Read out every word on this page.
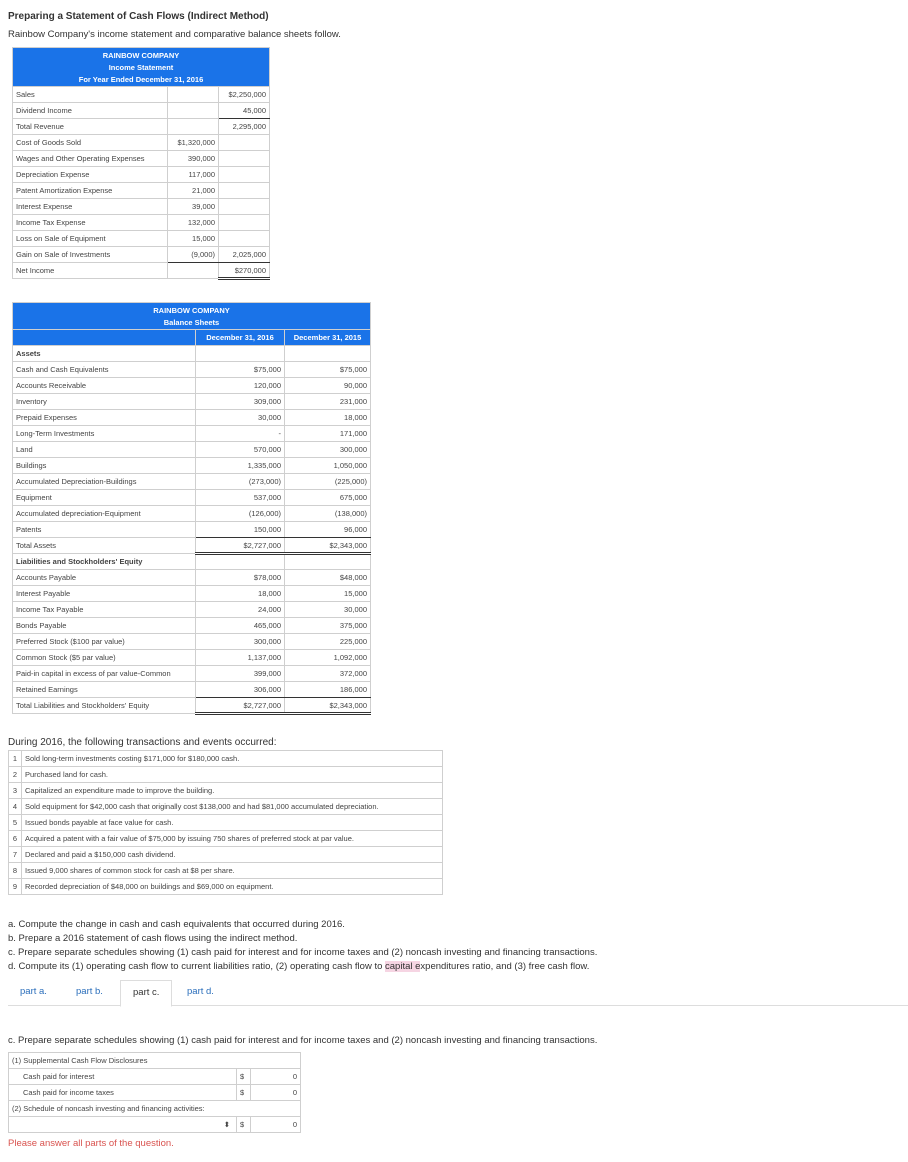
Preparing a Statement of Cash Flows (Indirect Method)
Rainbow Company's income statement and comparative balance sheets follow.
RAINBOW COMPANY
Income Statement
For Year Ended December 31, 2016		

Sales		$2,250,000
Dividend Income		45,000
Total Revenue		2,295,000
Cost of Goods Sold	$1,320,000	
Wages and Other Operating Expenses	390,000	
Depreciation Expense	117,000	
Patent Amortization Expense	21,000	
Interest Expense	39,000	
Income Tax Expense	132,000	
Loss on Sale of Equipment	15,000	
Gain on Sale of Investments	(9,000)	2,025,000
Net Income		$270,000
RAINBOW COMPANY
Balance Sheets		

	December 31, 2016	December 31, 2015
Assets		
Cash and Cash Equivalents	$75,000	$75,000
Accounts Receivable	120,000	90,000
Inventory	309,000	231,000
Prepaid Expenses	30,000	18,000
Long-Term Investments	-	171,000
Land	570,000	300,000
Buildings	1,335,000	1,050,000
Accumulated Depreciation-Buildings	(273,000)	(225,000)
Equipment	537,000	675,000
Accumulated depreciation-Equipment	(126,000)	(138,000)
Patents	150,000	96,000
Total Assets	$2,727,000	$2,343,000
Liabilities and Stockholders' Equity		
Accounts Payable	$78,000	$48,000
Interest Payable	18,000	15,000
Income Tax Payable	24,000	30,000
Bonds Payable	465,000	375,000
Preferred Stock ($100 par value)	300,000	225,000
Common Stock ($5 par value)	1,137,000	1,092,000
Paid-in capital in excess of par value-Common	399,000	372,000
Retained Earnings	306,000	186,000
Total Liabilities and Stockholders' Equity	$2,727,000	$2,343,000
During 2016, the following transactions and events occurred:
1	Sold long-term investments costing $171,000 for $180,000 cash.
2	Purchased land for cash.
3	Capitalized an expenditure made to improve the building.
4	Sold equipment for $42,000 cash that originally cost $138,000 and had $81,000 accumulated depreciation.
5	Issued bonds payable at face value for cash.
6	Acquired a patent with a fair value of $75,000 by issuing 750 shares of preferred stock at par value.
7	Declared and paid a $150,000 cash dividend.
8	Issued 9,000 shares of common stock for cash at $8 per share.
9	Recorded depreciation of $48,000 on buildings and $69,000 on equipment.
a. Compute the change in cash and cash equivalents that occurred during 2016.
b. Prepare a 2016 statement of cash flows using the indirect method.
c. Prepare separate schedules showing (1) cash paid for interest and for income taxes and (2) noncash investing and financing transactions.
d. Compute its (1) operating cash flow to current liabilities ratio, (2) operating cash flow to capital expenditures ratio, and (3) free cash flow.
part a.	part b.	part c.	part d.
c. Prepare separate schedules showing (1) cash paid for interest and for income taxes and (2) noncash investing and financing transactions.
(1) Supplemental Cash Flow Disclosures		
Cash paid for interest	$	0
Cash paid for income taxes	$	0
(2) Schedule of noncash investing and financing activities:		
⬍	$	0
Please answer all parts of the question.
